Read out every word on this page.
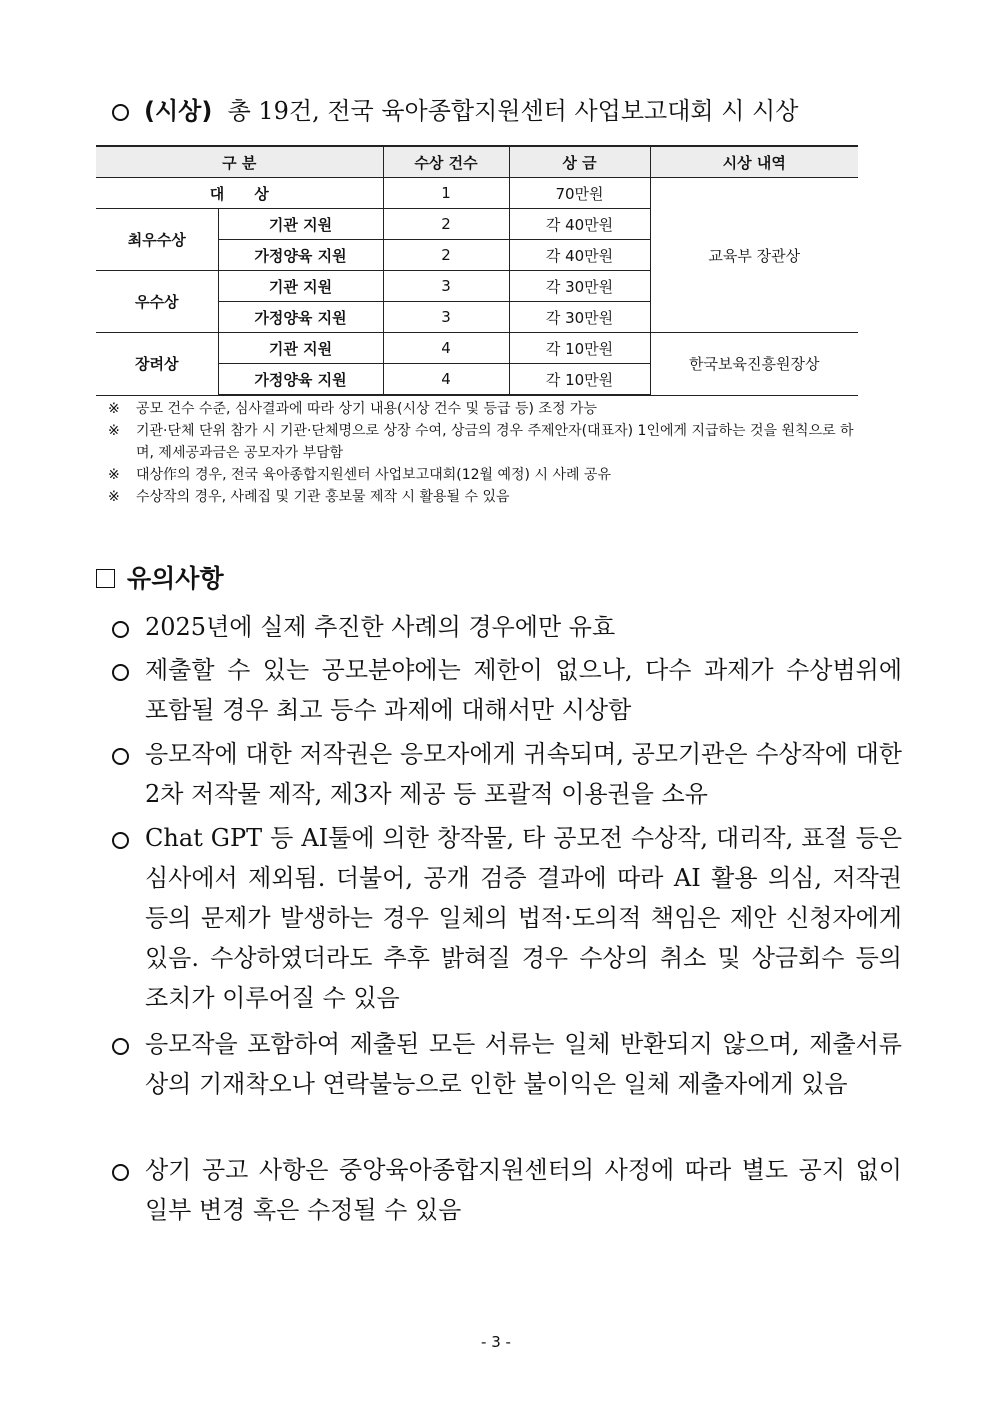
(시상) 총 19건, 전국 육아종합지원센터 사업보고대회 시 시상
구 분		수상 건수	상 금	시상 내역
대　　상		1	70만원	교육부 장관상
최우수상	기관 지원	2	각 40만원	
	가정양육 지원	2	각 40만원	
우수상	기관 지원	3	각 30만원	
	가정양육 지원	3	각 30만원	
장려상	기관 지원	4	각 10만원	한국보육진흥원장상
	가정양육 지원	4	각 10만원	
※ 공모 건수 수준, 심사결과에 따라 상기 내용(시상 건수 및 등급 등) 조정 가능
※ 기관·단체 단위 참가 시 기관·단체명으로 상장 수여, 상금의 경우 주제안자(대표자) 1인에게 지급하는 것을 원칙으로 하며, 제세공과금은 공모자가 부담함
※ 대상作의 경우, 전국 육아종합지원센터 사업보고대회(12월 예정) 시 사례 공유
※ 수상작의 경우, 사례집 및 기관 홍보물 제작 시 활용될 수 있음
유의사항
2025년에 실제 추진한 사례의 경우에만 유효
제출할 수 있는 공모분야에는 제한이 없으나, 다수 과제가 수상범위에 포함될 경우 최고 등수 과제에 대해서만 시상함
응모작에 대한 저작권은 응모자에게 귀속되며, 공모기관은 수상작에 대한 2차 저작물 제작, 제3자 제공 등 포괄적 이용권을 소유
Chat GPT 등 AI툴에 의한 창작물, 타 공모전 수상작, 대리작, 표절 등은 심사에서 제외됨. 더불어, 공개 검증 결과에 따라 AI 활용 의심, 저작권 등의 문제가 발생하는 경우 일체의 법적·도의적 책임은 제안 신청자에게 있음. 수상하였더라도 추후 밝혀질 경우 수상의 취소 및 상금회수 등의 조치가 이루어질 수 있음
응모작을 포함하여 제출된 모든 서류는 일체 반환되지 않으며, 제출서류 상의 기재착오나 연락불능으로 인한 불이익은 일체 제출자에게 있음
상기 공고 사항은 중앙육아종합지원센터의 사정에 따라 별도 공지 없이 일부 변경 혹은 수정될 수 있음
- 3 -
